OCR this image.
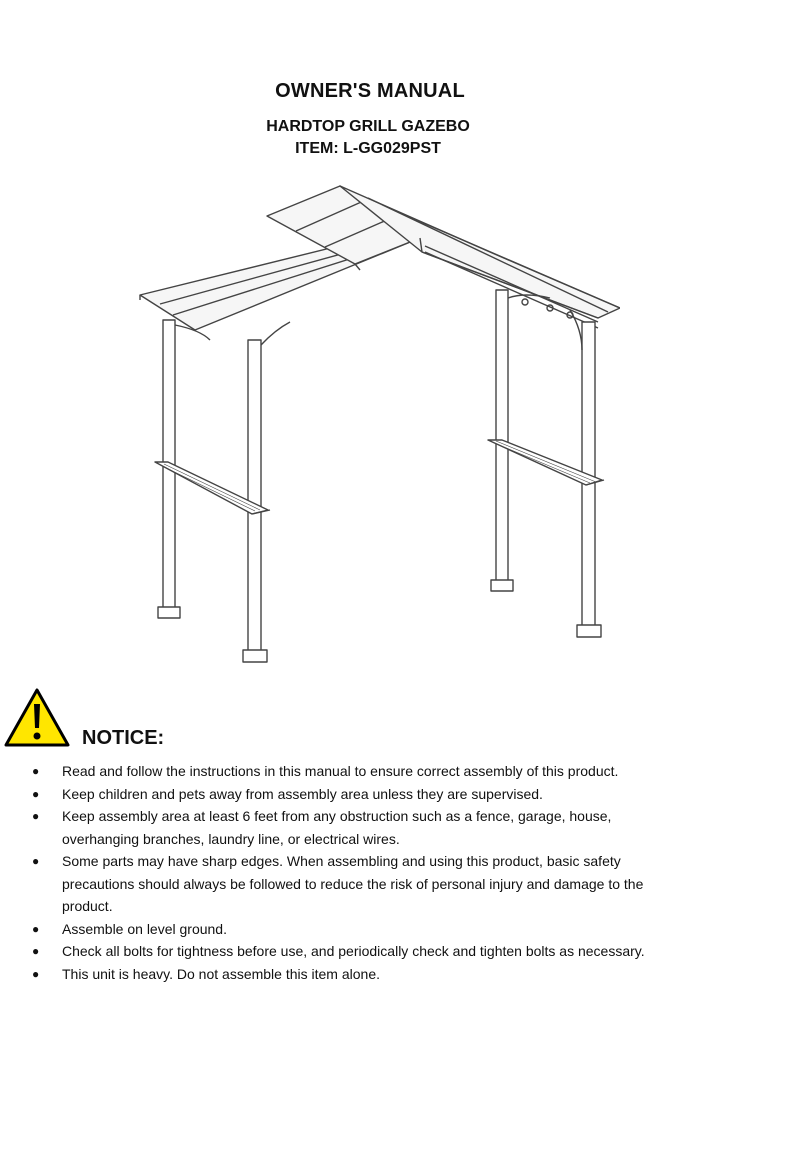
OWNER'S MANUAL
HARDTOP GRILL GAZEBO
ITEM: L-GG029PST
NOTICE:
● Read and follow the instructions in this manual to ensure correct assembly of this product.
● Keep children and pets away from assembly area unless they are supervised.
● Keep assembly area at least 6 feet from any obstruction such as a fence, garage, house, overhanging branches, laundry line, or electrical wires.
● Some parts may have sharp edges. When assembling and using this product, basic safety precautions should always be followed to reduce the risk of personal injury and damage to the product.
● Assemble on level ground.
● Check all bolts for tightness before use, and periodically check and tighten bolts as necessary.
● This unit is heavy. Do not assemble this item alone.
